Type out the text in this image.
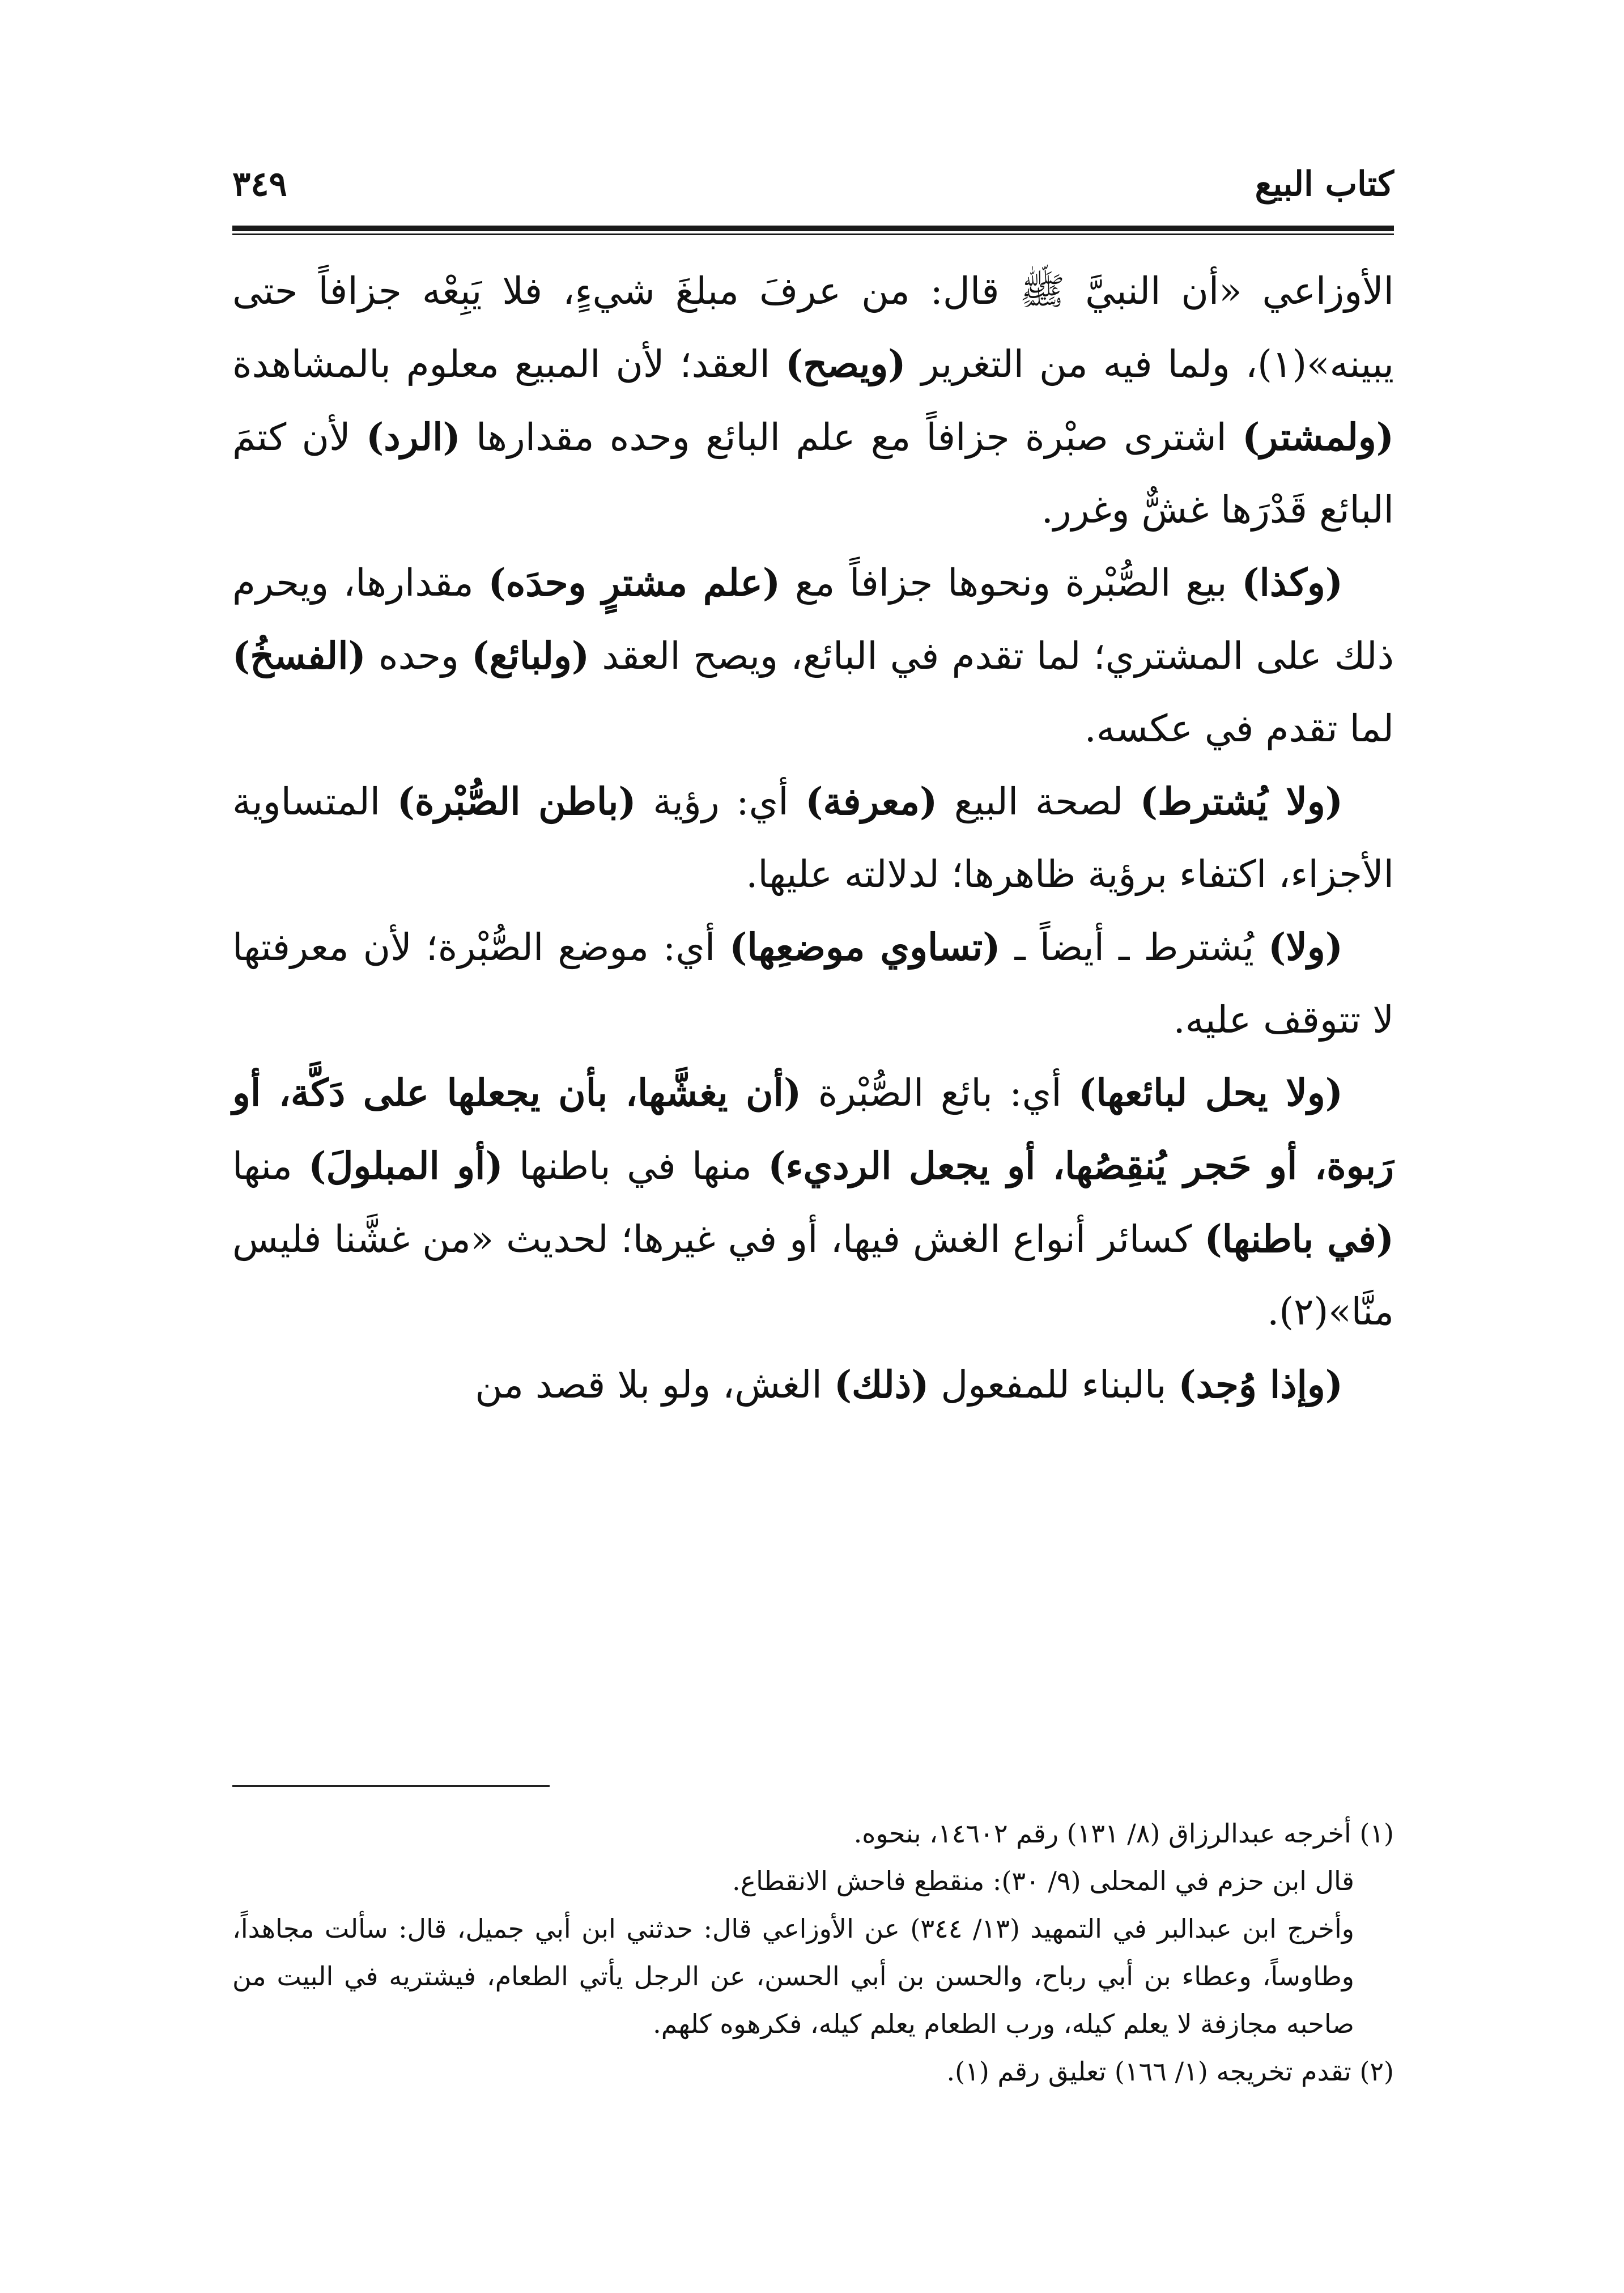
كتاب البيع
٣٤٩

الأوزاعي «أن النبيَّ ﷺ قال: من عرفَ مبلغَ شيءٍ، فلا يَبِعْه جزافاً حتى يبينه»(١)، ولما فيه من التغرير (ويصح) العقد؛ لأن المبيع معلوم بالمشاهدة (ولمشتر) اشترى صبْرة جزافاً مع علم البائع وحده مقدارها (الرد) لأن كتمَ البائع قَدْرَها غشٌّ وغرر.

(وكذا) بيع الصُّبْرة ونحوها جزافاً مع (علم مشترٍ وحدَه) مقدارها، ويحرم ذلك على المشتري؛ لما تقدم في البائع، ويصح العقد (ولبائع) وحده (الفسخُ) لما تقدم في عكسه.

(ولا يُشترط) لصحة البيع (معرفة) أي: رؤية (باطن الصُّبْرة) المتساوية الأجزاء، اكتفاء برؤية ظاهرها؛ لدلالته عليها.

(ولا) يُشترط ـ أيضاً ـ (تساوي موضعِها) أي: موضع الصُّبْرة؛ لأن معرفتها لا تتوقف عليه.

(ولا يحل لبائعها) أي: بائع الصُّبْرة (أن يغشَّها، بأن يجعلها على دَكَّة، أو رَبوة، أو حَجر يُنقِصُها، أو يجعل الرديء) منها في باطنها (أو المبلولَ) منها (في باطنها) كسائر أنواع الغش فيها، أو في غيرها؛ لحديث «من غشَّنا فليس منَّا»(٢).

(وإذا وُجد) بالبناء للمفعول (ذلك) الغش، ولو بلا قصد من

(١) أخرجه عبدالرزاق (٨/ ١٣١) رقم ١٤٦٠٢، بنحوه.

قال ابن حزم في المحلى (٩/ ٣٠): منقطع فاحش الانقطاع.

وأخرج ابن عبدالبر في التمهيد (١٣/ ٣٤٤) عن الأوزاعي قال: حدثني ابن أبي جميل، قال: سألت مجاهداً، وطاوساً، وعطاء بن أبي رباح، والحسن بن أبي الحسن، عن الرجل يأتي الطعام، فيشتريه في البيت من صاحبه مجازفة لا يعلم كيله، ورب الطعام يعلم كيله، فكرهوه كلهم.

(٢) تقدم تخريجه (١/ ١٦٦) تعليق رقم (١).
